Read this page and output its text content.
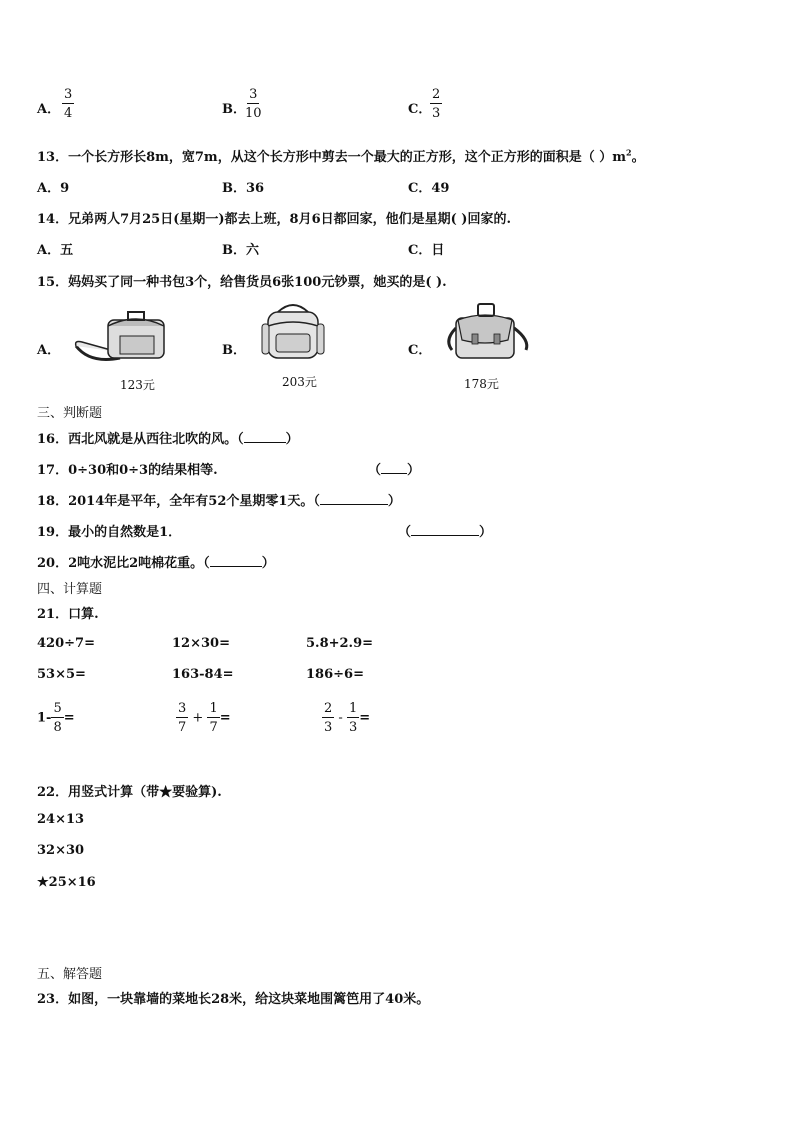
A． $\frac{3}{4}$	B． $\frac{3}{10}$	C．
$\frac{2}{3}$
13．一个长方形长8m，宽7m，从这个长方形中剪去一个最大的正方形，这个正方形的面积是（ ）$m^2$。
A．9	B．36	C．49
14．兄弟两人7月25日(星期一)都去上班，8月6日都回家，他们是星期( )回家的.
A．五	B．六	C．日
15．妈妈买了同一种书包3个，给售货员6张100元钞票，她买的是( ).
A．	B．	C．
123元	203元	178元
三、判断题
16．西北风就是从西往北吹的风。（	）
17．0÷30和0÷3的结果相等.	（ ）
18．2014年是平年，全年有52个星期零1天。（	）
19．最小的自然数是1．	（	）
20．2吨水泥比2吨棉花重。（	）
四、计算题
21．口算.
420÷7=	12×30=	5.8+2.9=
53×5=	163-84=	186÷6=
$1- \frac{5}{8}$ =	$\frac{3}{7} + \frac{1}{7}$ =	$\frac{2}{3} - \frac{1}{3}$ =
22．用竖式计算（带★要验算).
24×13
32×30
★25×16
五、解答题
23．如图，一块靠墙的菜地长28米，给这块菜地围篱笆用了40米。
